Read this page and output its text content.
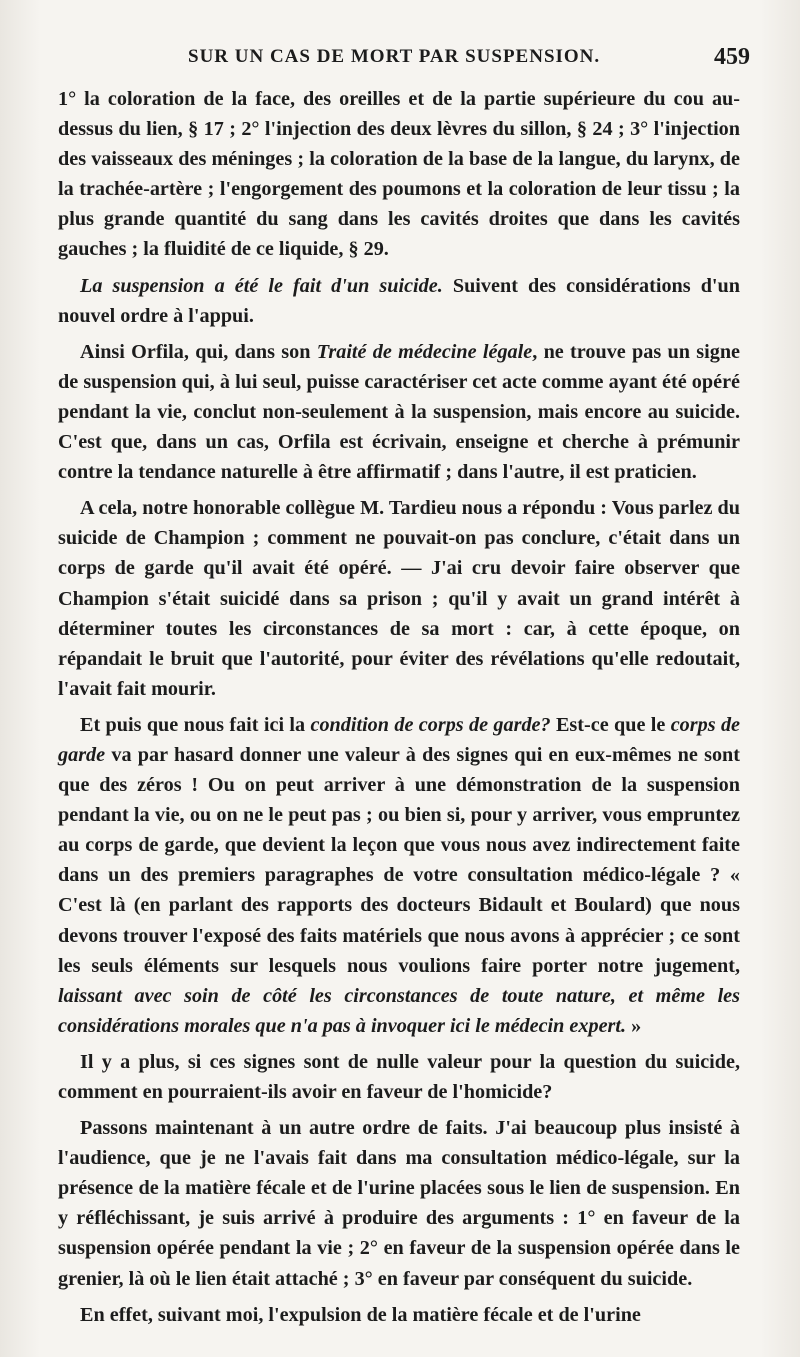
SUR UN CAS DE MORT PAR SUSPENSION.	459

1° la coloration de la face, des oreilles et de la partie supérieure du cou au-dessus du lien, § 17 ; 2° l'injection des deux lèvres du sillon, § 24 ; 3° l'injection des vaisseaux des méninges ; la coloration de la base de la langue, du larynx, de la trachée-artère ; l'engorgement des poumons et la coloration de leur tissu ; la plus grande quantité du sang dans les cavités droites que dans les cavités gauches ; la fluidité de ce liquide, § 29.

La suspension a été le fait d'un suicide. Suivent des considérations d'un nouvel ordre à l'appui.

Ainsi Orfila, qui, dans son Traité de médecine légale, ne trouve pas un signe de suspension qui, à lui seul, puisse caractériser cet acte comme ayant été opéré pendant la vie, conclut non-seulement à la suspension, mais encore au suicide. C'est que, dans un cas, Orfila est écrivain, enseigne et cherche à prémunir contre la tendance naturelle à être affirmatif ; dans l'autre, il est praticien.

A cela, notre honorable collègue M. Tardieu nous a répondu : Vous parlez du suicide de Champion ; comment ne pouvait-on pas conclure, c'était dans un corps de garde qu'il avait été opéré. — J'ai cru devoir faire observer que Champion s'était suicidé dans sa prison ; qu'il y avait un grand intérêt à déterminer toutes les circonstances de sa mort : car, à cette époque, on répandait le bruit que l'autorité, pour éviter des révélations qu'elle redoutait, l'avait fait mourir.

Et puis que nous fait ici la condition de corps de garde? Est-ce que le corps de garde va par hasard donner une valeur à des signes qui en eux-mêmes ne sont que des zéros ! Ou on peut arriver à une démonstration de la suspension pendant la vie, ou on ne le peut pas ; ou bien si, pour y arriver, vous empruntez au corps de garde, que devient la leçon que vous nous avez indirectement faite dans un des premiers paragraphes de votre consultation médico-légale ? « C'est là (en parlant des rapports des docteurs Bidault et Boulard) que nous devons trouver l'exposé des faits matériels que nous avons à apprécier ; ce sont les seuls éléments sur lesquels nous voulions faire porter notre jugement, laissant avec soin de côté les circonstances de toute nature, et même les considérations morales que n'a pas à invoquer ici le médecin expert. »

Il y a plus, si ces signes sont de nulle valeur pour la question du suicide, comment en pourraient-ils avoir en faveur de l'homicide?

Passons maintenant à un autre ordre de faits. J'ai beaucoup plus insisté à l'audience, que je ne l'avais fait dans ma consultation médico-légale, sur la présence de la matière fécale et de l'urine placées sous le lien de suspension. En y réfléchissant, je suis arrivé à produire des arguments : 1° en faveur de la suspension opérée pendant la vie ; 2° en faveur de la suspension opérée dans le grenier, là où le lien était attaché ; 3° en faveur par conséquent du suicide.

En effet, suivant moi, l'expulsion de la matière fécale et de l'urine
